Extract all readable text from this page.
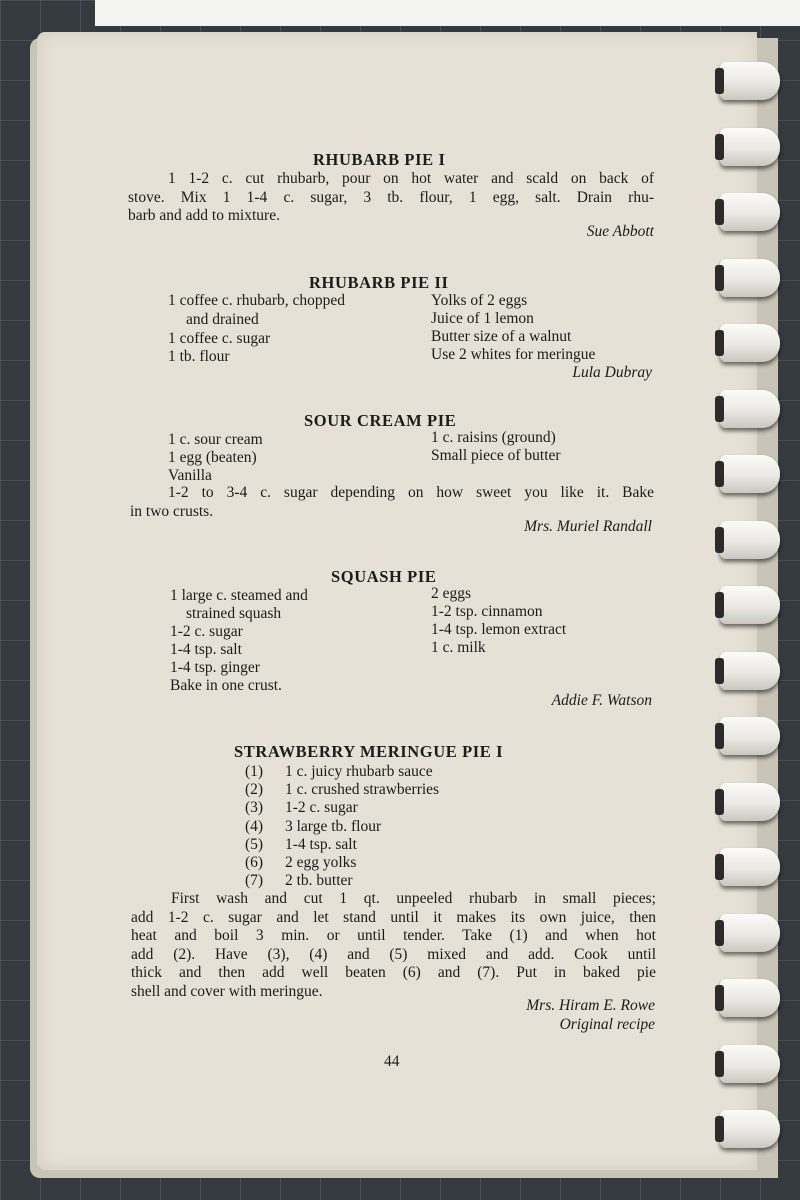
RHUBARB PIE I
1 1-2 c. cut rhubarb, pour on hot water and scald on back of
stove. Mix 1 1-4 c. sugar, 3 tb. flour, 1 egg, salt. Drain rhu-
barb and add to mixture.
Sue Abbott
RHUBARB PIE II
1 coffee c. rhubarb, chopped
and drained
1 coffee c. sugar
1 tb. flour
Yolks of 2 eggs
Juice of 1 lemon
Butter size of a walnut
Use 2 whites for meringue
Lula Dubray
SOUR CREAM PIE
1 c. sour cream
1 egg (beaten)
Vanilla
1 c. raisins (ground)
Small piece of butter
1-2 to 3-4 c. sugar depending on how sweet you like it. Bake
in two crusts.
Mrs. Muriel Randall
SQUASH PIE
1 large c. steamed and
strained squash
1-2 c. sugar
1-4 tsp. salt
1-4 tsp. ginger
Bake in one crust.
2 eggs
1-2 tsp. cinnamon
1-4 tsp. lemon extract
1 c. milk
Addie F. Watson
STRAWBERRY MERINGUE PIE I
(1) 1 c. juicy rhubarb sauce
(2) 1 c. crushed strawberries
(3) 1-2 c. sugar
(4) 3 large tb. flour
(5) 1-4 tsp. salt
(6) 2 egg yolks
(7) 2 tb. butter
First wash and cut 1 qt. unpeeled rhubarb in small pieces;
add 1-2 c. sugar and let stand until it makes its own juice, then
heat and boil 3 min. or until tender. Take (1) and when hot
add (2). Have (3), (4) and (5) mixed and add. Cook until
thick and then add well beaten (6) and (7). Put in baked pie
shell and cover with meringue.
Mrs. Hiram E. Rowe
Original recipe
44
